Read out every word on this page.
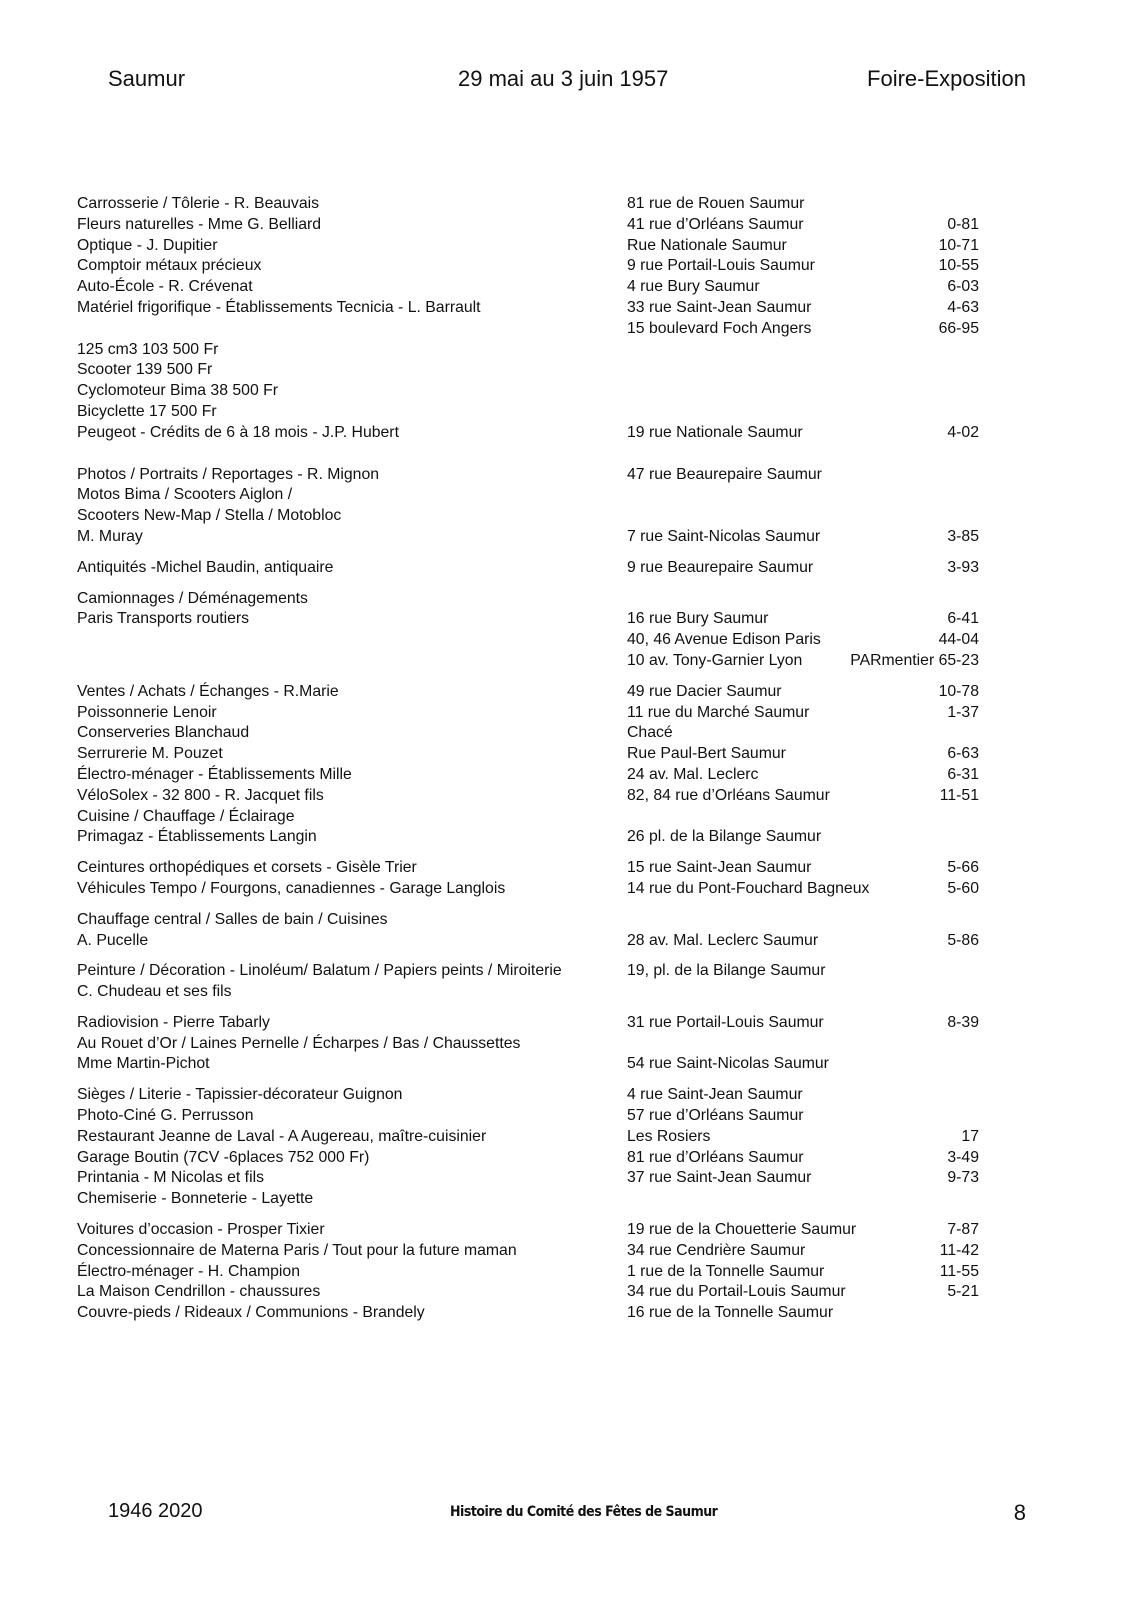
Saumur	29 mai au 3 juin 1957	Foire-Exposition
Carrosserie / Tôlerie - R. Beauvais	81 rue de Rouen Saumur
Fleurs naturelles - Mme G. Belliard	41 rue d’Orléans Saumur	0-81
Optique - J. Dupitier	Rue Nationale Saumur	10-71
Comptoir métaux précieux	9 rue Portail-Louis Saumur	10-55
Auto-École - R. Crévenat	4 rue Bury Saumur	6-03
Matériel frigorifique - Établissements Tecnicia - L. Barrault	33 rue Saint-Jean Saumur	4-63
15 boulevard Foch Angers	66-95
125 cm3 103 500 Fr
Scooter 139 500 Fr
Cyclomoteur Bima 38 500 Fr
Bicyclette 17 500 Fr
Peugeot - Crédits de 6 à 18 mois - J.P. Hubert	19 rue Nationale Saumur	4-02
Photos / Portraits / Reportages - R. Mignon	47 rue Beaurepaire Saumur
Motos Bima / Scooters Aiglon /
Scooters New-Map / Stella / Motobloc
M. Muray	7 rue Saint-Nicolas Saumur	3-85
Antiquités -Michel Baudin, antiquaire	9 rue Beaurepaire Saumur	3-93
Camionnages / Déménagements
Paris Transports routiers	16 rue Bury Saumur	6-41
40, 46 Avenue Edison Paris	44-04
10 av. Tony-Garnier Lyon	PARmentier 65-23
Ventes / Achats / Échanges - R.Marie	49 rue Dacier Saumur	10-78
Poissonnerie Lenoir	11 rue du Marché Saumur	1-37
Conserveries Blanchaud	Chacé
Serrurerie M. Pouzet	Rue Paul-Bert Saumur	6-63
Électro-ménager - Établissements Mille	24 av. Mal. Leclerc	6-31
VéloSolex - 32 800 - R. Jacquet fils	82, 84 rue d’Orléans Saumur	11-51
Cuisine / Chauffage / Éclairage
Primagaz - Établissements Langin	26 pl. de la Bilange Saumur
Ceintures orthopédiques et corsets - Gisèle Trier	15 rue Saint-Jean Saumur	5-66
Véhicules Tempo / Fourgons, canadiennes - Garage Langlois	14 rue du Pont-Fouchard Bagneux	5-60
Chauffage central / Salles de bain / Cuisines
A. Pucelle	28 av. Mal. Leclerc Saumur	5-86
Peinture / Décoration - Linoléum/ Balatum / Papiers peints / Miroiterie	19, pl. de la Bilange Saumur
C. Chudeau et ses fils
Radiovision - Pierre Tabarly	31 rue Portail-Louis Saumur	8-39
Au Rouet d’Or / Laines Pernelle / Écharpes / Bas / Chaussettes
Mme Martin-Pichot	54 rue Saint-Nicolas Saumur
Sièges / Literie - Tapissier-décorateur Guignon	4 rue Saint-Jean Saumur
Photo-Ciné G. Perrusson	57 rue d’Orléans Saumur
Restaurant Jeanne de Laval - A Augereau, maître-cuisinier	Les Rosiers	17
Garage Boutin (7CV -6places 752 000 Fr)	81 rue d’Orléans Saumur	3-49
Printania - M Nicolas et fils	37 rue Saint-Jean Saumur	9-73
Chemiserie - Bonneterie - Layette
Voitures d’occasion - Prosper Tixier	19 rue de la Chouetterie Saumur	7-87
Concessionnaire de Materna Paris / Tout pour la future maman	34 rue Cendrière Saumur	11-42
Électro-ménager - H. Champion	1 rue de la Tonnelle Saumur	11-55
La Maison Cendrillon - chaussures	34 rue du Portail-Louis Saumur	5-21
Couvre-pieds / Rideaux / Communions - Brandely	16 rue de la Tonnelle Saumur
1946 2020	Histoire du Comité des Fêtes de Saumur	8
